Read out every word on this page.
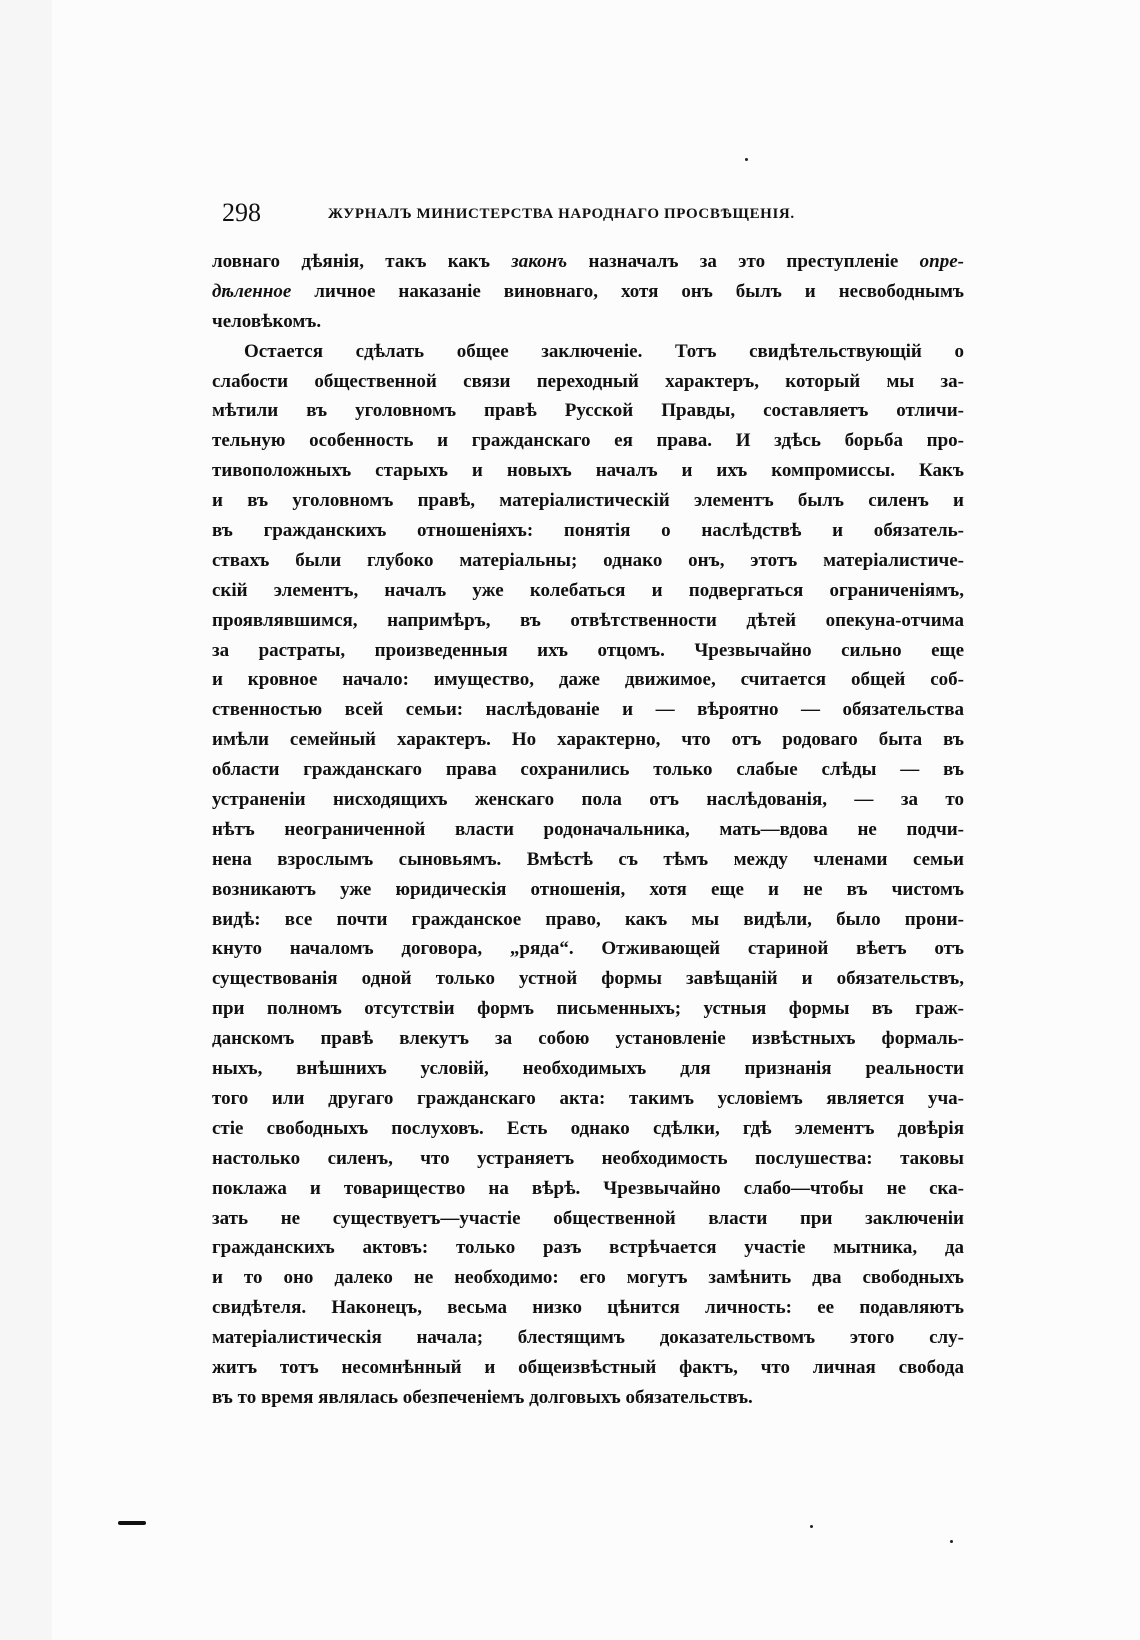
298	ЖУРНАЛЪ МИНИСТЕРСТВА НАРОДНАГО ПРОСВѢЩЕНІЯ.
ловнаго дѣянія, такъ какъ законъ назначалъ за это преступленіе опре-
дѣленное личное наказаніе виновнаго, хотя онъ былъ и несвободнымъ
человѣкомъ.
Остается сдѣлать общее заключеніе. Тотъ свидѣтельствующій о
слабости общественной связи переходный характеръ, который мы за-
мѣтили въ уголовномъ правѣ Русской Правды, составляетъ отличи-
тельную особенность и гражданскаго ея права. И здѣсь борьба про-
тивоположныхъ старыхъ и новыхъ началъ и ихъ компромиссы. Какъ
и въ уголовномъ правѣ, матеріалистическій элементъ былъ силенъ и
въ гражданскихъ отношеніяхъ: понятія о наслѣдствѣ и обязатель-
ствахъ были глубоко матеріальны; однако онъ, этотъ матеріалистиче-
скій элементъ, началъ уже колебаться и подвергаться ограниченіямъ,
проявлявшимся, напримѣръ, въ отвѣтственности дѣтей опекуна-отчима
за растраты, произведенныя ихъ отцомъ. Чрезвычайно сильно еще
и кровное начало: имущество, даже движимое, считается общей соб-
ственностью всей семьи: наслѣдованіе и — вѣроятно — обязательства
имѣли семейный характеръ. Но характерно, что отъ родоваго быта въ
области гражданскаго права сохранились только слабые слѣды — въ
устраненіи нисходящихъ женскаго пола отъ наслѣдованія, — за то
нѣтъ неограниченной власти родоначальника, мать—вдова не подчи-
нена взрослымъ сыновьямъ. Вмѣстѣ съ тѣмъ между членами семьи
возникаютъ уже юридическія отношенія, хотя еще и не въ чистомъ
видѣ: все почти гражданское право, какъ мы видѣли, было прони-
кнуто началомъ договора, „ряда“. Отживающей стариной вѣетъ отъ
существованія одной только устной формы завѣщаній и обязательствъ,
при полномъ отсутствіи формъ письменныхъ; устныя формы въ граж-
данскомъ правѣ влекутъ за собою установленіе извѣстныхъ формаль-
ныхъ, внѣшнихъ условій, необходимыхъ для признанія реальности
того или другаго гражданскаго акта: такимъ условіемъ является уча-
стіе свободныхъ послуховъ. Есть однако сдѣлки, гдѣ элементъ довѣрія
настолько силенъ, что устраняетъ необходимость послушества: таковы
поклажа и товарищество на вѣрѣ. Чрезвычайно слабо—чтобы не ска-
зать не существуетъ—участіе общественной власти при заключеніи
гражданскихъ актовъ: только разъ встрѣчается участіе мытника, да
и то оно далеко не необходимо: его могутъ замѣнить два свободныхъ
свидѣтеля. Наконецъ, весьма низко цѣнится личность: ее подавляютъ
матеріалистическія начала; блестящимъ доказательствомъ этого слу-
житъ тотъ несомнѣнный и общеизвѣстный фактъ, что личная свобода
въ то время являлась обезпеченіемъ долговыхъ обязательствъ.
